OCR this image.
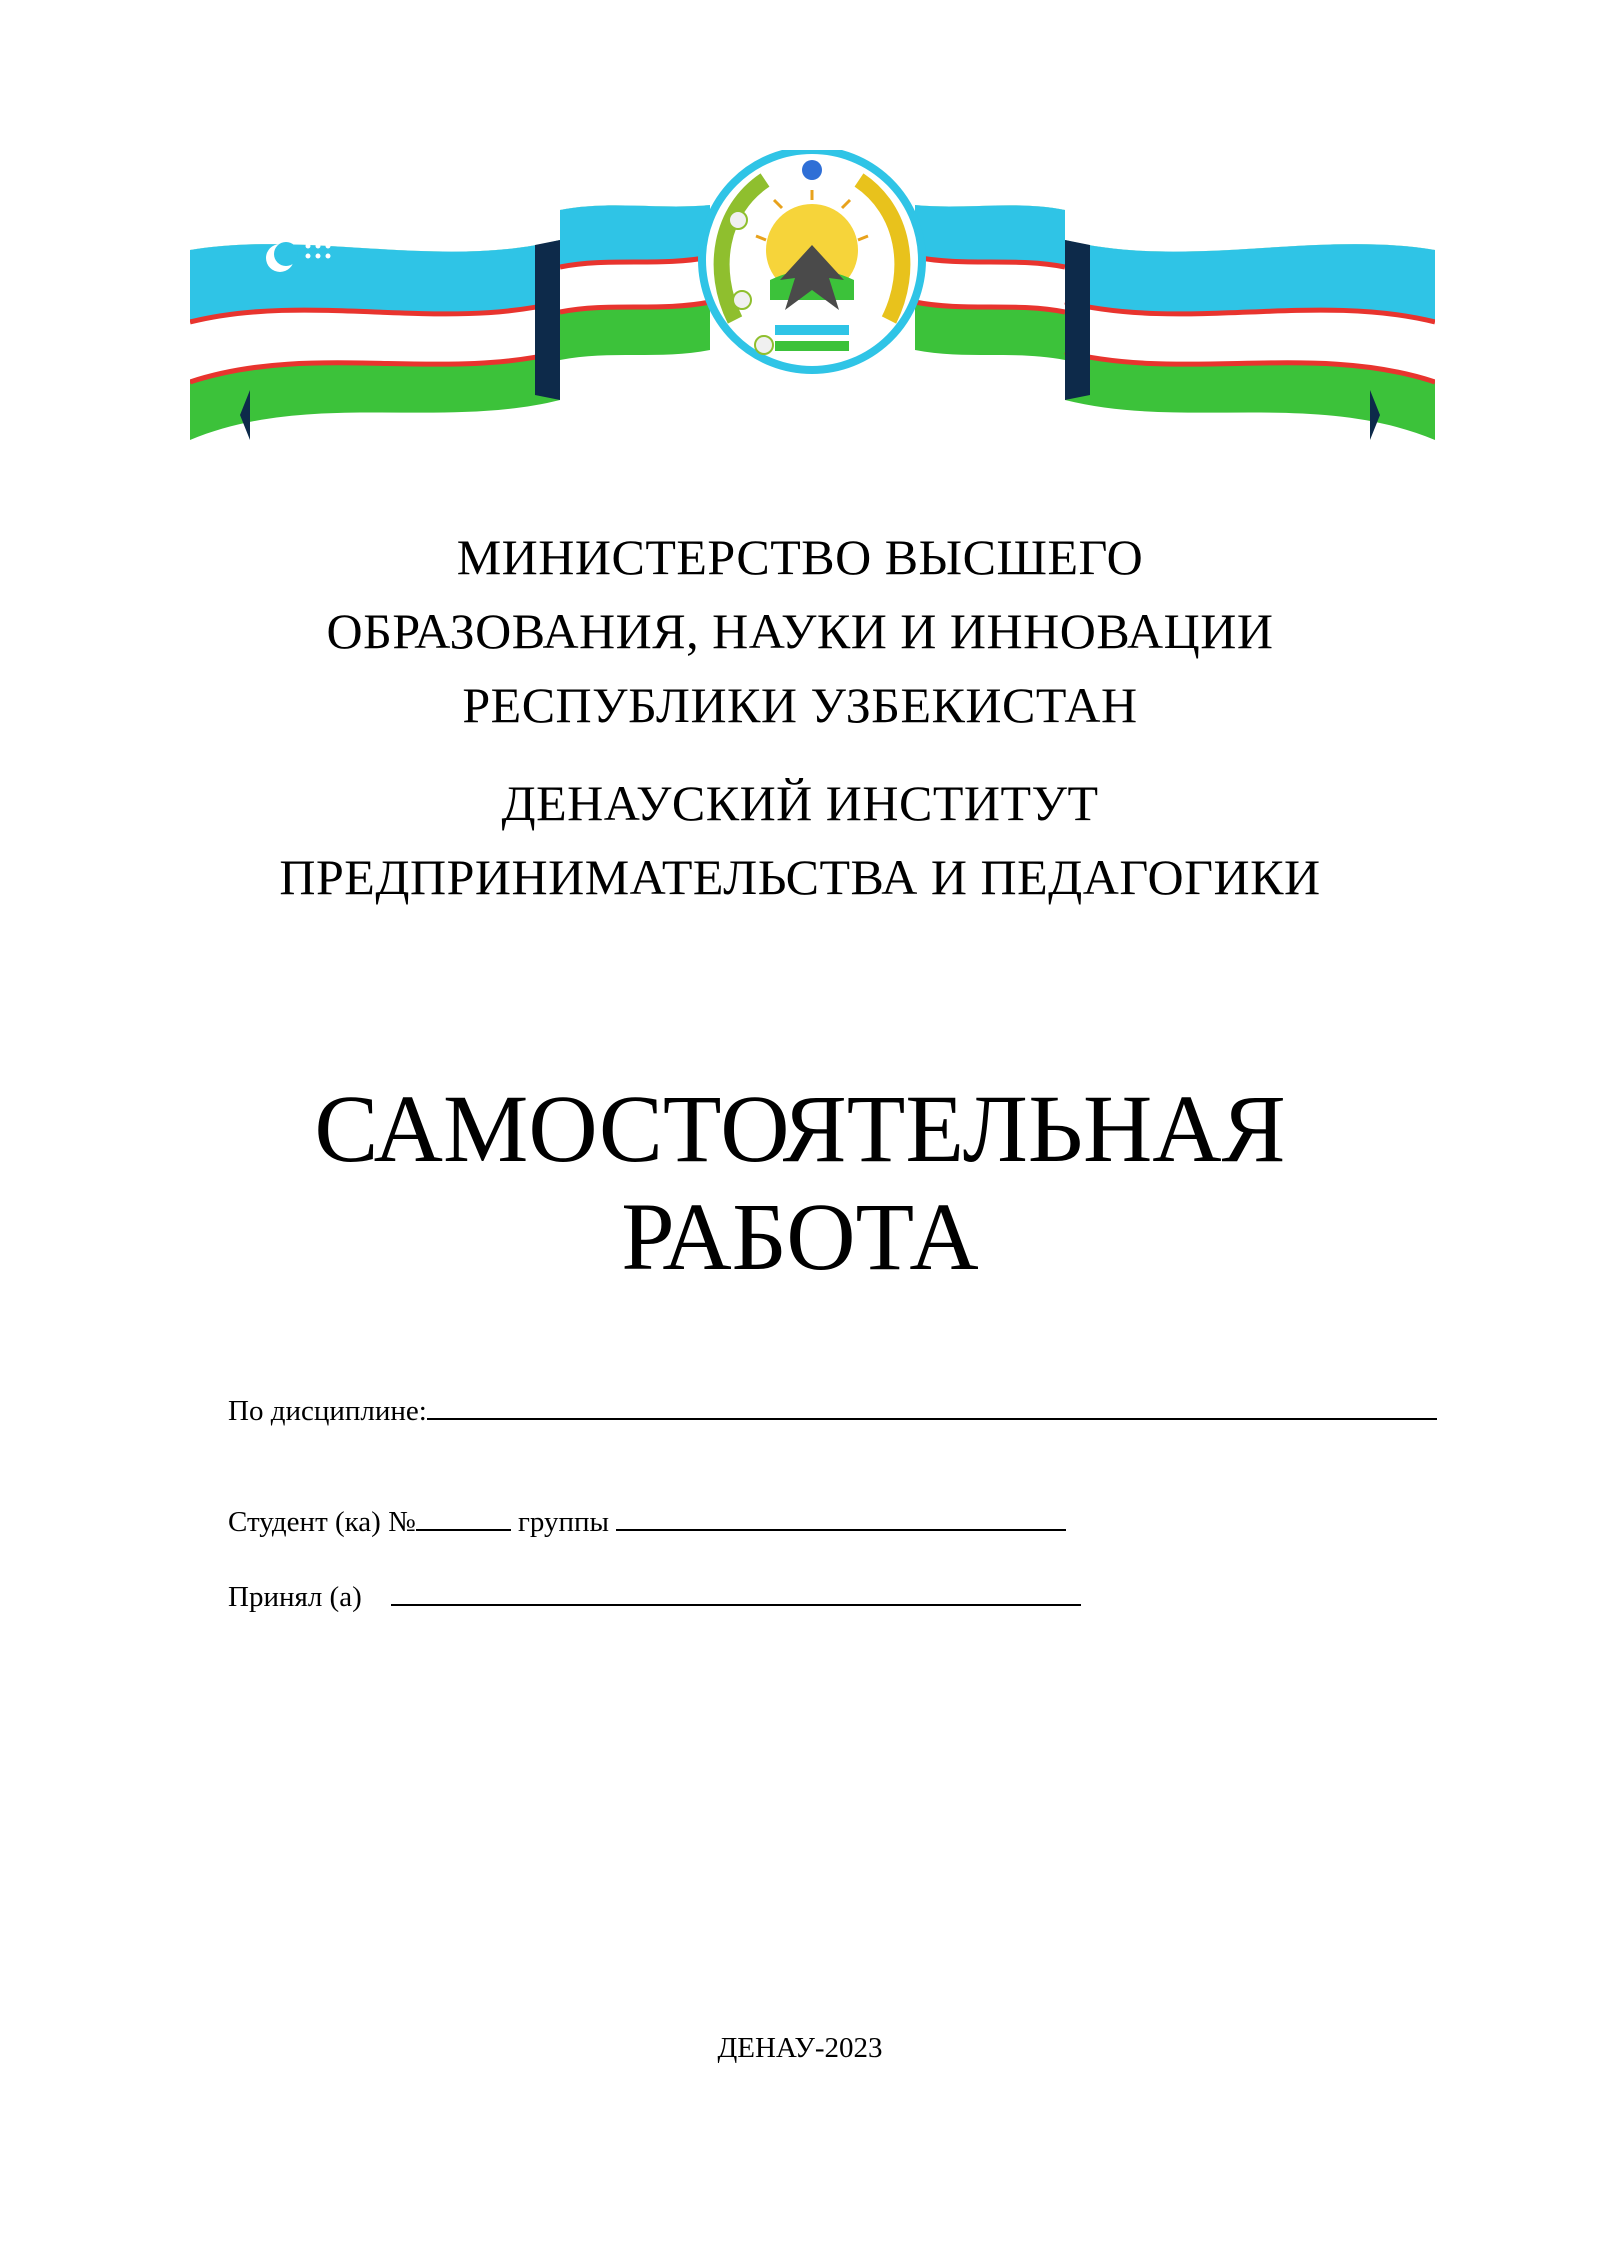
МИНИСТЕРСТВО ВЫСШЕГО
ОБРАЗОВАНИЯ, НАУКИ И ИННОВАЦИИ
РЕСПУБЛИКИ УЗБЕКИСТАН
ДЕНАУСКИЙ ИНСТИТУТ
ПРЕДПРИНИМАТЕЛЬСТВА И ПЕДАГОГИКИ
САМОСТОЯТЕЛЬНАЯ
РАБОТА
По дисциплине:
Студент (ка) №	группы
Принял (а)
ДЕНАУ-2023
